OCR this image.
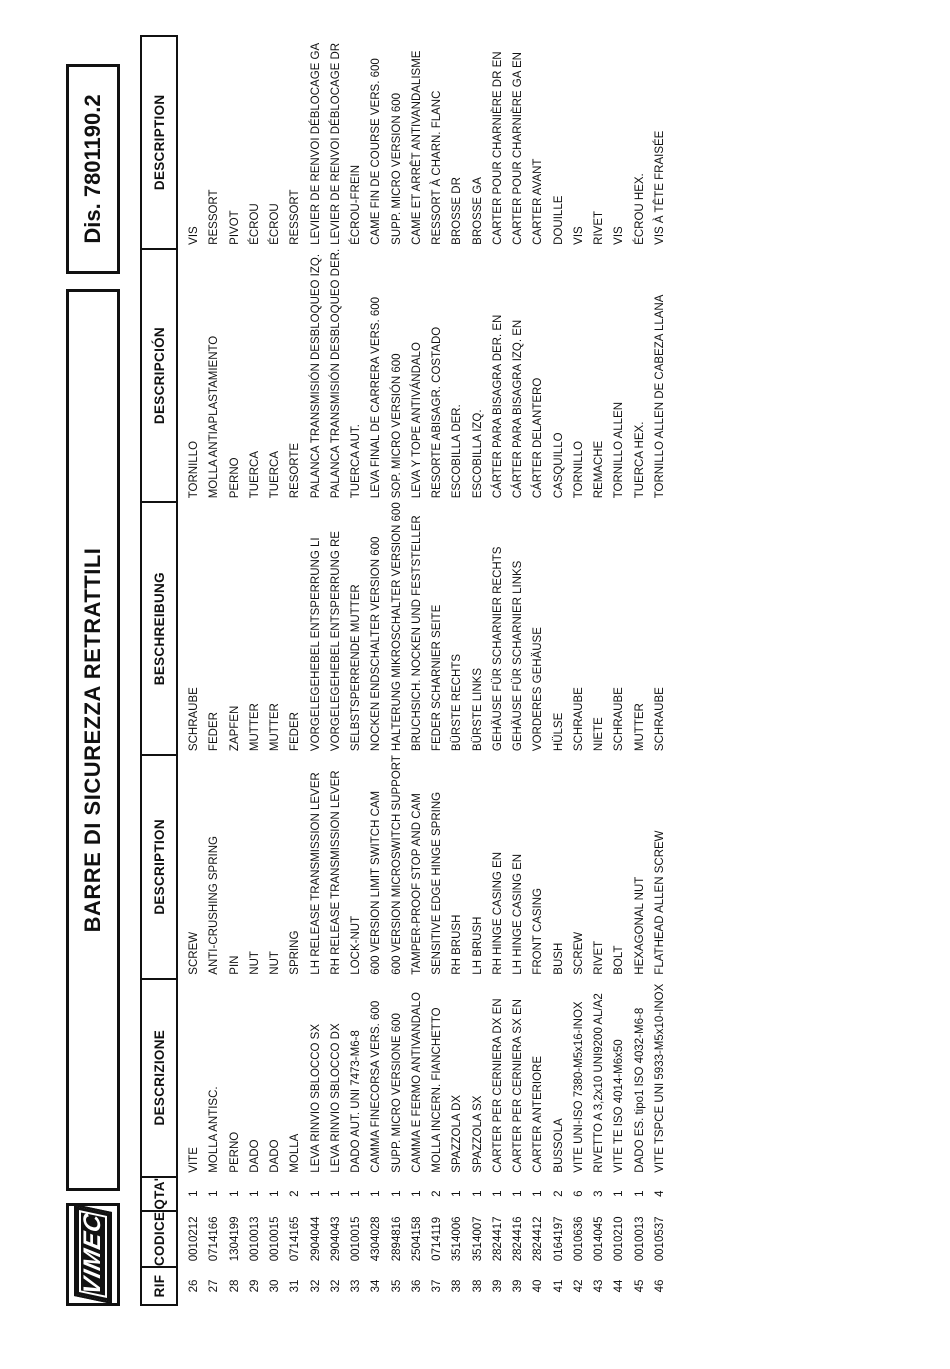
VIMEC
BARRE DI SICUREZZA RETRATTILI
Dis. 7801190.2
RIF	CODICE	QTA'	DESCRIZIONE	DESCRIPTION	BESCHREIBUNG	DESCRIPCIÓN	DESCRIPTION
26	0010212	1	VITE	SCREW	SCHRAUBE	TORNILLO	VIS
27	0714166	1	MOLLA ANTISC.	ANTI-CRUSHING SPRING	FEDER	MOLLA ANTIAPLASTAMIENTO	RESSORT
28	1304199	1	PERNO	PIN	ZAPFEN	PERNO	PIVOT
29	0010013	1	DADO	NUT	MUTTER	TUERCA	ÉCROU
30	0010015	1	DADO	NUT	MUTTER	TUERCA	ÉCROU
31	0714165	2	MOLLA	SPRING	FEDER	RESORTE	RESSORT
32	2904044	1	LEVA RINVIO SBLOCCO SX	LH RELEASE TRANSMISSION LEVER	VORGELEGEHEBEL ENTSPERRUNG LI	PALANCA TRANSMISIÓN DESBLOQUEO IZQ.	LEVIER DE RENVOI DÉBLOCAGE GA
32	2904043	1	LEVA RINVIO SBLOCCO DX	RH RELEASE TRANSMISSION LEVER	VORGELEGEHEBEL ENTSPERRUNG RE	PALANCA TRANSMISIÓN DESBLOQUEO DER.	LEVIER DE RENVOI DÉBLOCAGE DR
33	0010015	1	DADO AUT. UNI 7473-M6-8	LOCK-NUT	SELBSTSPERRENDE MUTTER	TUERCA AUT.	ÉCROU-FREIN
34	4304028	1	CAMMA FINECORSA VERS. 600	600 VERSION LIMIT SWITCH CAM	NOCKEN ENDSCHALTER VERSION 600	LEVA FINAL DE CARRERA VERS. 600	CAME FIN DE COURSE VERS. 600
35	2894816	1	SUPP. MICRO VERSIONE 600	600 VERSION MICROSWITCH SUPPORT	HALTERUNG MIKROSCHALTER VERSION 600	SOP. MICRO VERSIÓN 600	SUPP. MICRO VERSION 600
36	2504158	1	CAMMA E FERMO ANTIVANDALO	TAMPER-PROOF STOP AND CAM	BRUCHSICH. NOCKEN UND FESTSTELLER	LEVA Y TOPE ANTIVÁNDALO	CAME ET ARRÊT ANTIVANDALISME
37	0714119	2	MOLLA INCERN. FIANCHETTO	SENSITIVE EDGE HINGE SPRING	FEDER SCHARNIER SEITE	RESORTE ABISAGR. COSTADO	RESSORT À CHARN. FLANC
38	3514006	1	SPAZZOLA DX	RH BRUSH	BÜRSTE RECHTS	ESCOBILLA DER.	BROSSE DR
38	3514007	1	SPAZZOLA SX	LH BRUSH	BÜRSTE LINKS	ESCOBILLA IZQ.	BROSSE GA
39	2824417	1	CARTER PER CERNIERA DX EN	RH HINGE CASING EN	GEHÄUSE FÜR SCHARNIER RECHTS	CÁRTER PARA BISAGRA DER. EN	CARTER POUR CHARNIÈRE DR EN
39	2824416	1	CARTER PER CERNIERA SX EN	LH HINGE CASING EN	GEHÄUSE FÜR SCHARNIER LINKS	CÁRTER PARA BISAGRA IZQ. EN	CARTER POUR CHARNIÈRE GA EN
40	2824412	1	CARTER ANTERIORE	FRONT CASING	VORDERES GEHÄUSE	CÁRTER DELANTERO	CARTER AVANT
41	0164197	2	BUSSOLA	BUSH	HÜLSE	CASQUILLO	DOUILLE
42	0010636	6	VITE UNI-ISO 7380-M5x16-INOX	SCREW	SCHRAUBE	TORNILLO	VIS
43	0014045	3	RIVETTO A 3,2x10 UNI9200 AL/A2	RIVET	NIETE	REMACHE	RIVET
44	0010210	1	VITE TE ISO 4014-M6x50	BOLT	SCHRAUBE	TORNILLO ALLEN	VIS
45	0010013	1	DADO ES. tipo1 ISO 4032-M6-8	HEXAGONAL NUT	MUTTER	TUERCA HEX.	ÉCROU HEX.
46	0010537	4	VITE TSPCE UNI 5933-M5x10-INOX	FLATHEAD ALLEN SCREW	SCHRAUBE	TORNILLO ALLEN DE CABEZA LLANA	VIS À TÊTE FRAISÉE
